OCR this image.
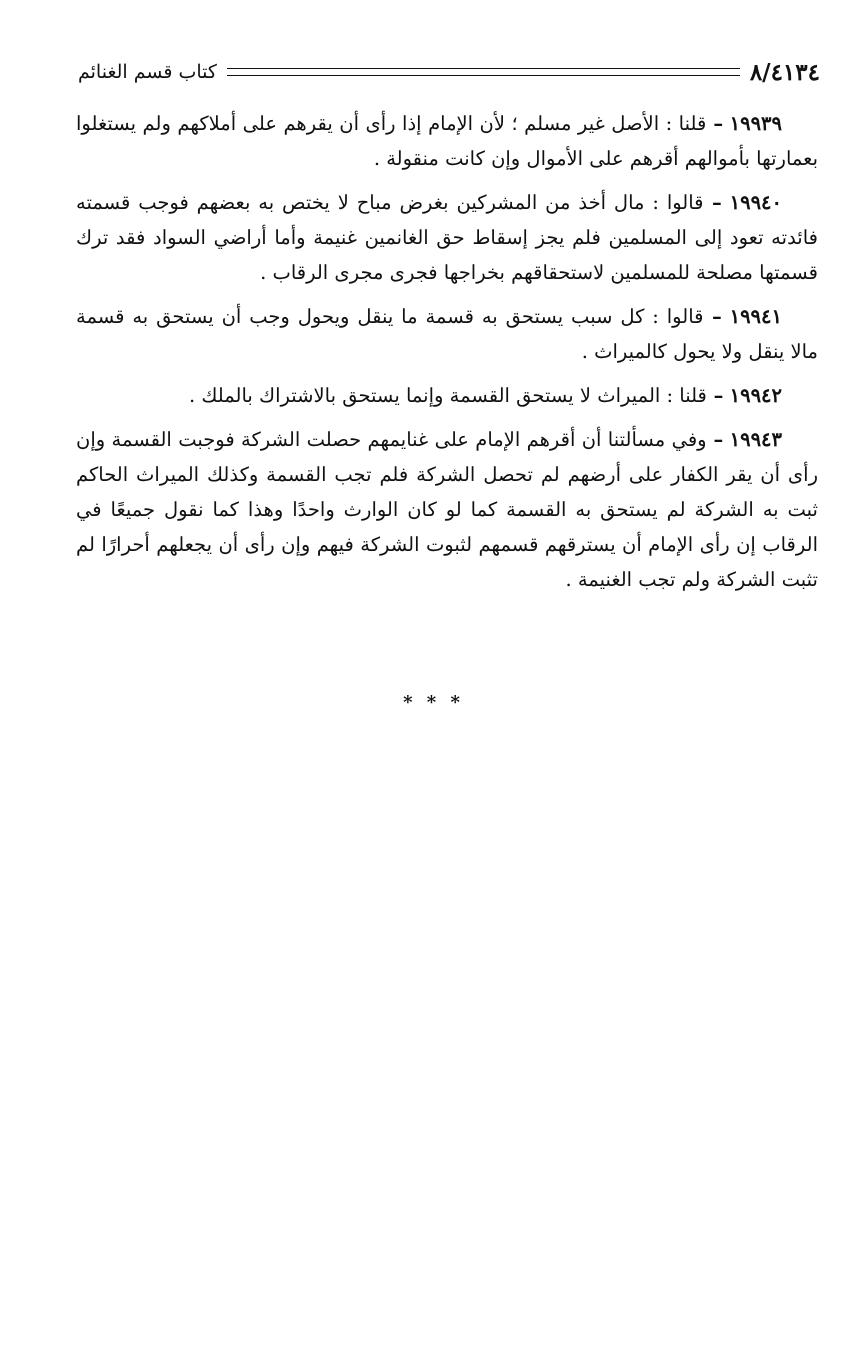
٨/٤١٣٤
كتاب قسم الغنائم

١٩٩٣٩ – قلنا : الأصل غير مسلم ؛ لأن الإمام إذا رأى أن يقرهم على أملاكهم ولم يستغلوا بعمارتها بأموالهم أقرهم على الأموال وإن كانت منقولة .

١٩٩٤٠ – قالوا : مال أخذ من المشركين بغرض مباح لا يختص به بعضهم فوجب قسمته فائدته تعود إلى المسلمين فلم يجز إسقاط حق الغانمين غنيمة وأما أراضي السواد فقد ترك قسمتها مصلحة للمسلمين لاستحقاقهم بخراجها فجرى مجرى الرقاب .

١٩٩٤١ – قالوا : كل سبب يستحق به قسمة ما ينقل ويحول وجب أن يستحق به قسمة مالا ينقل ولا يحول كالميراث .

١٩٩٤٢ – قلنا : الميراث لا يستحق القسمة وإنما يستحق بالاشتراك بالملك .

١٩٩٤٣ – وفي مسألتنا أن أقرهم الإمام على غنايمهم حصلت الشركة فوجبت القسمة وإن رأى أن يقر الكفار على أرضهم لم تحصل الشركة فلم تجب القسمة وكذلك الميراث الحاكم ثبت به الشركة لم يستحق به القسمة كما لو كان الوارث واحدًا وهذا كما نقول جميعًا في الرقاب إن رأى الإمام أن يسترقهم قسمهم لثبوت الشركة فيهم وإن رأى أن يجعلهم أحرارًا لم تثبت الشركة ولم تجب الغنيمة .

* * *
